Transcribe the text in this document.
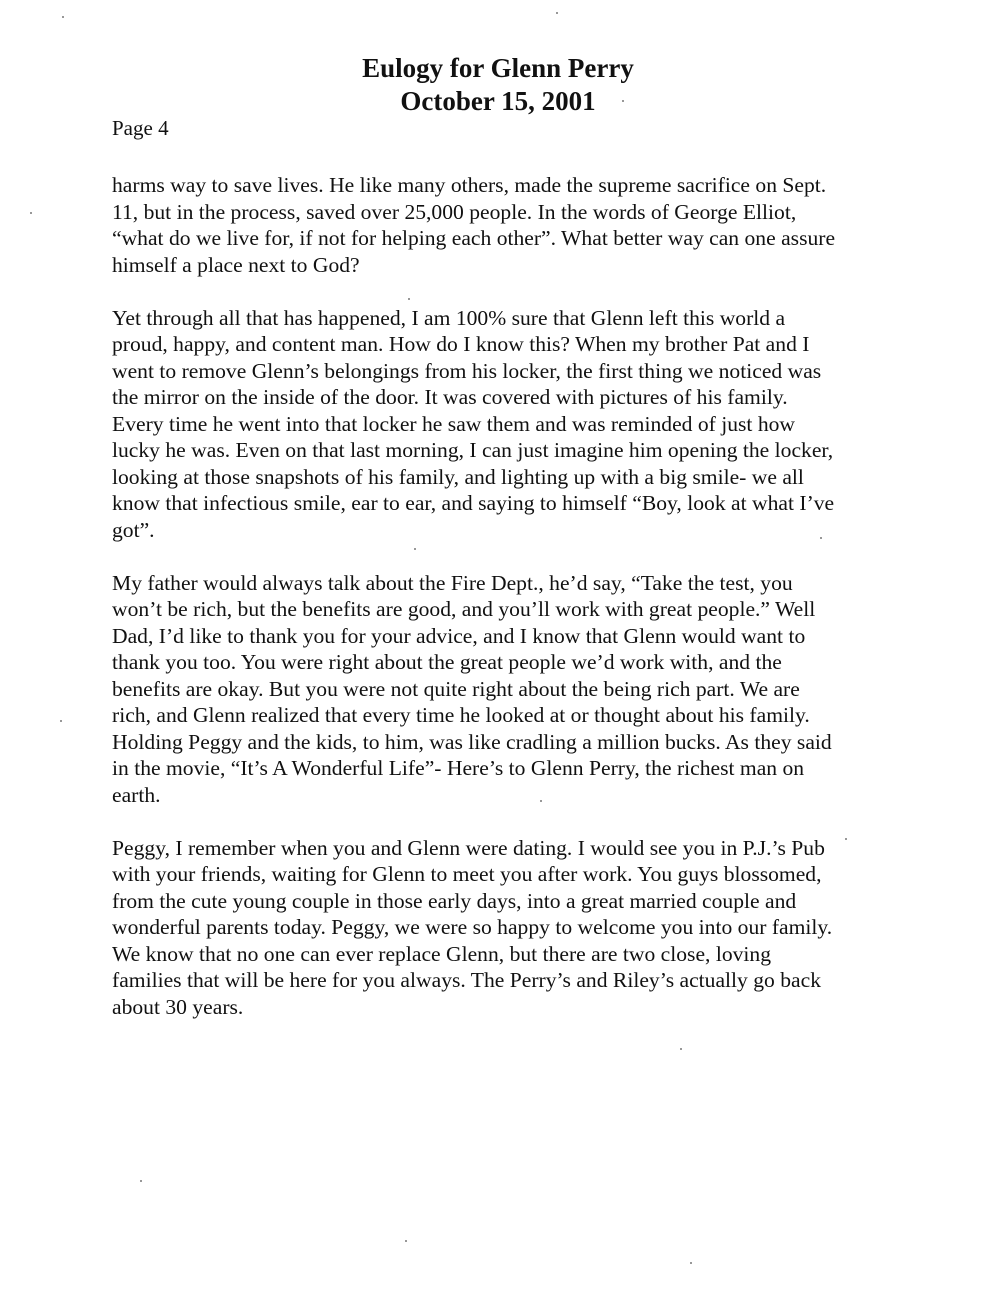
Eulogy for Glenn Perry

October 15, 2001

Page 4

harms way to save lives. He like many others, made the supreme sacrifice on Sept.
11, but in the process, saved over 25,000 people. In the words of George Elliot,
“what do we live for, if not for helping each other”. What better way can one assure
himself a place next to God?

Yet through all that has happened, I am 100% sure that Glenn left this world a
proud, happy, and content man. How do I know this? When my brother Pat and I
went to remove Glenn’s belongings from his locker, the first thing we noticed was
the mirror on the inside of the door. It was covered with pictures of his family.
Every time he went into that locker he saw them and was reminded of just how
lucky he was. Even on that last morning, I can just imagine him opening the locker,
looking at those snapshots of his family, and lighting up with a big smile- we all
know that infectious smile, ear to ear, and saying to himself “Boy, look at what I’ve
got”.

My father would always talk about the Fire Dept., he’d say, “Take the test, you
won’t be rich, but the benefits are good, and you’ll work with great people.” Well
Dad, I’d like to thank you for your advice, and I know that Glenn would want to
thank you too. You were right about the great people we’d work with, and the
benefits are okay. But you were not quite right about the being rich part. We are
rich, and Glenn realized that every time he looked at or thought about his family.
Holding Peggy and the kids, to him, was like cradling a million bucks. As they said
in the movie, “It’s A Wonderful Life”- Here’s to Glenn Perry, the richest man on
earth.

Peggy, I remember when you and Glenn were dating. I would see you in P.J.’s Pub
with your friends, waiting for Glenn to meet you after work. You guys blossomed,
from the cute young couple in those early days, into a great married couple and
wonderful parents today. Peggy, we were so happy to welcome you into our family.
We know that no one can ever replace Glenn, but there are two close, loving
families that will be here for you always. The Perry’s and Riley’s actually go back
about 30 years.
